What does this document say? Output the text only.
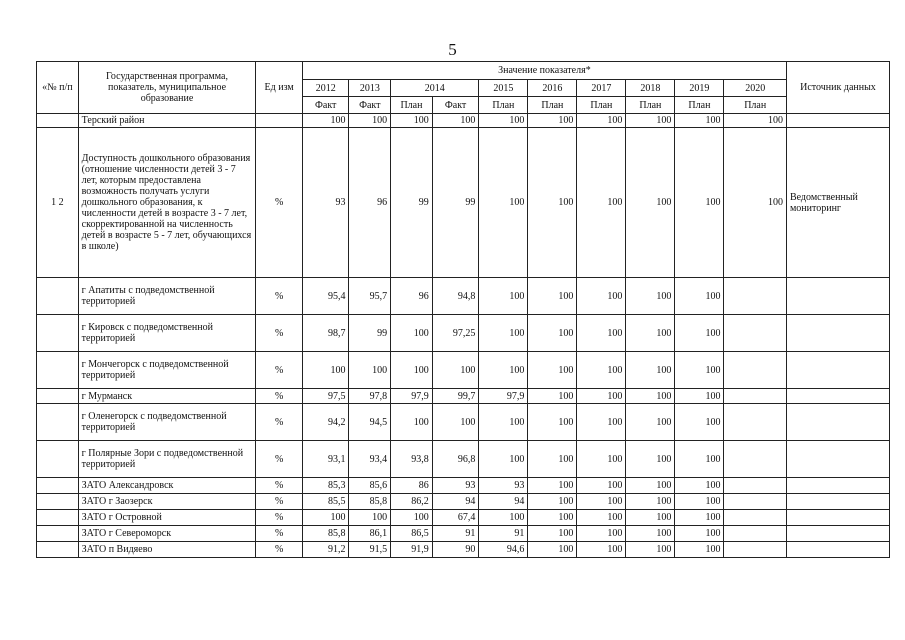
5
«№ п/п	Государственная программа, показатель, муниципальное образование	Ед изм	Значение показателя*										Источник данных
			2012	2013	2014		2015	2016	2017	2018	2019	2020	
			Факт	Факт	План	Факт	План	План	План	План	План	План	
	Терский район		100	100	100	100	100	100	100	100	100	100	
1 2	Доступность дошкольного образования (отношение численности детей 3 - 7 лет, которым предоставлена возможность получать услуги дошкольного образования, к численности детей в возрасте 3 - 7 лет, скорректированной на численность детей в возрасте 5 - 7 лет, обучающихся в школе)	%	93	96	99	99	100	100	100	100	100	100	Ведомственный мониторинг
	г Апатиты с подведомственной территорией	%	95,4	95,7	96	94,8	100	100	100	100	100		
	г Кировск с подведомственной территорией	%	98,7	99	100	97,25	100	100	100	100	100		
	г Мончегорск с подведомственной территорией	%	100	100	100	100	100	100	100	100	100		
	г Мурманск	%	97,5	97,8	97,9	99,7	97,9	100	100	100	100		
	г Оленегорск с подведомственной территорией	%	94,2	94,5	100	100	100	100	100	100	100		
	г Полярные Зори с подведомственной территорией	%	93,1	93,4	93,8	96,8	100	100	100	100	100		
	ЗАТО Александровск	%	85,3	85,6	86	93	93	100	100	100	100		
	ЗАТО г Заозерск	%	85,5	85,8	86,2	94	94	100	100	100	100		
	ЗАТО г Островной	%	100	100	100	67,4	100	100	100	100	100		
	ЗАТО г Североморск	%	85,8	86,1	86,5	91	91	100	100	100	100		
	ЗАТО п Видяево	%	91,2	91,5	91,9	90	94,6	100	100	100	100		
